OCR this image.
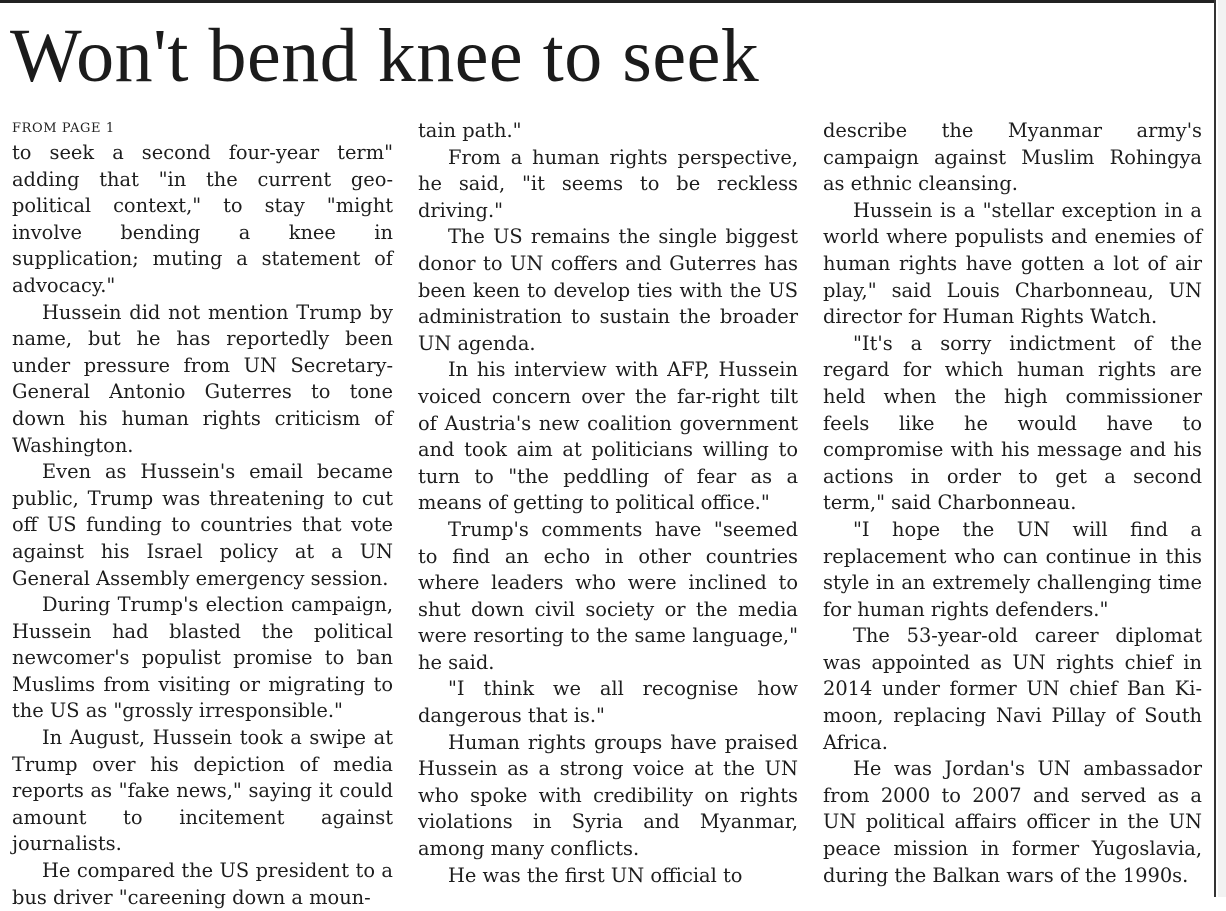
Won't bend knee to seek
FROM PAGE 1

to seek a second four-year term" adding that "in the current geo-political context," to stay "might involve bending a knee in supplication; muting a statement of advocacy."

Hussein did not mention Trump by name, but he has reportedly been under pressure from UN Secretary-General Antonio Guterres to tone down his human rights criticism of Washington.

Even as Hussein's email became public, Trump was threatening to cut off US funding to countries that vote against his Israel policy at a UN General Assembly emergency session.

During Trump's election campaign, Hussein had blasted the political newcomer's populist promise to ban Muslims from visiting or migrating to the US as "grossly irresponsible."

In August, Hussein took a swipe at Trump over his depiction of media reports as "fake news," saying it could amount to incitement against journalists.

He compared the US president to a bus driver "careening down a moun-

tain path."

From a human rights perspective, he said, "it seems to be reckless driving."

The US remains the single biggest donor to UN coffers and Guterres has been keen to develop ties with the US administration to sustain the broader UN agenda.

In his interview with AFP, Hussein voiced concern over the far-right tilt of Austria's new coalition government and took aim at politicians willing to turn to "the peddling of fear as a means of getting to political office."

Trump's comments have "seemed to find an echo in other countries where leaders who were inclined to shut down civil society or the media were resorting to the same language," he said.

"I think we all recognise how dangerous that is."

Human rights groups have praised Hussein as a strong voice at the UN who spoke with credibility on rights violations in Syria and Myanmar, among many conflicts.

He was the first UN official to

describe the Myanmar army's campaign against Muslim Rohingya as ethnic cleansing.

Hussein is a "stellar exception in a world where populists and enemies of human rights have gotten a lot of air play," said Louis Charbonneau, UN director for Human Rights Watch.

"It's a sorry indictment of the regard for which human rights are held when the high commissioner feels like he would have to compromise with his message and his actions in order to get a second term," said Charbonneau.

"I hope the UN will find a replacement who can continue in this style in an extremely challenging time for human rights defenders."

The 53-year-old career diplomat was appointed as UN rights chief in 2014 under former UN chief Ban Ki-moon, replacing Navi Pillay of South Africa.

He was Jordan's UN ambassador from 2000 to 2007 and served as a UN political affairs officer in the UN peace mission in former Yugoslavia, during the Balkan wars of the 1990s.
